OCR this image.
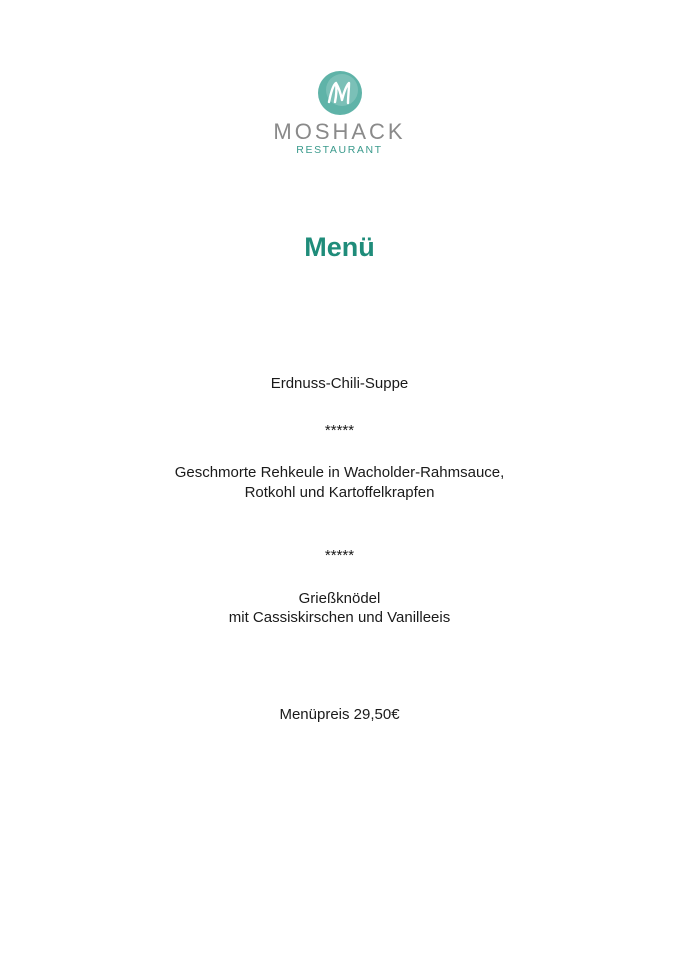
MOSHACK
RESTAURANT
Menü
Erdnuss-Chili-Suppe
*****
Geschmorte Rehkeule in Wacholder-Rahmsauce,
Rotkohl und Kartoffelkrapfen
*****
Grießknödel
mit Cassiskirschen und Vanilleeis
Menüpreis 29,50€
